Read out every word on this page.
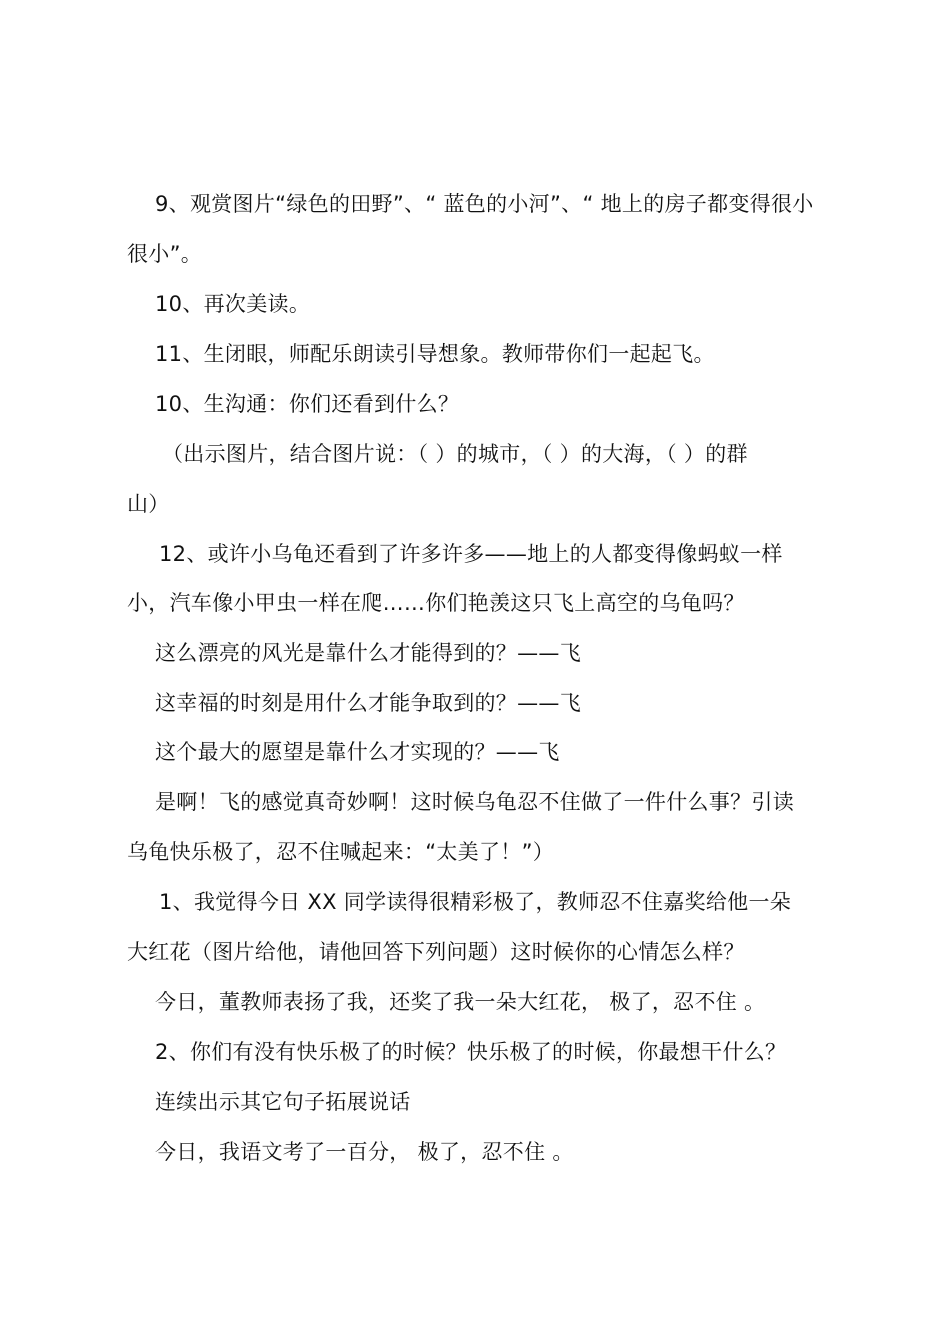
9、观赏图片“绿色的田野”、“ 蓝色的小河”、“ 地上的房子都变得很小
很小”。
10、再次美读。
11、生闭眼，师配乐朗读引导想象。教师带你们一起起飞。
10、生沟通：你们还看到什么？
（出示图片，结合图片说：（ ）的城市，（ ）的大海，（ ）的群
山）
12、或许小乌龟还看到了许多许多——地上的人都变得像蚂蚁一样
小，汽车像小甲虫一样在爬……你们艳羡这只飞上高空的乌龟吗？
这么漂亮的风光是靠什么才能得到的？——飞
这幸福的时刻是用什么才能争取到的？——飞
这个最大的愿望是靠什么才实现的？——飞
是啊！飞的感觉真奇妙啊！这时候乌龟忍不住做了一件什么事？引读
乌龟快乐极了，忍不住喊起来：“太美了！”）
1、我觉得今日 XX 同学读得很精彩极了，教师忍不住嘉奖给他一朵
大红花（图片给他，请他回答下列问题）这时候你的心情怎么样？
今日，董教师表扬了我，还奖了我一朵大红花， 极了，忍不住 。
2、你们有没有快乐极了的时候？快乐极了的时候，你最想干什么？
连续出示其它句子拓展说话
今日，我语文考了一百分， 极了，忍不住 。
